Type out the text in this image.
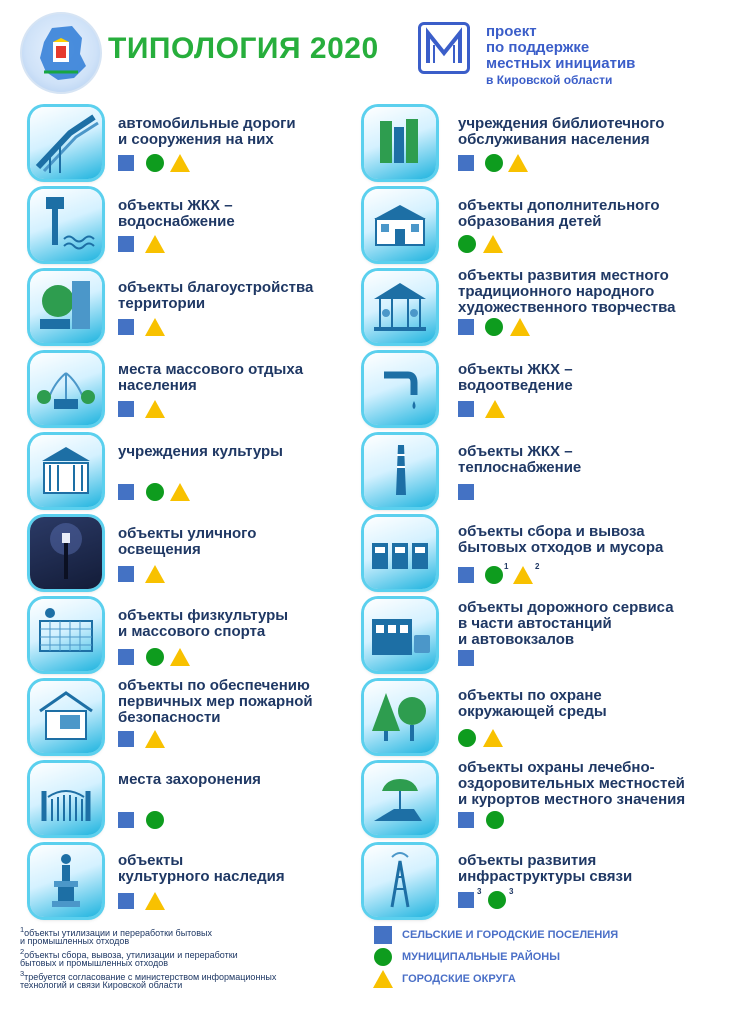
ТИПОЛОГИЯ 2020
проект
по поддержке
местных инициатив
в Кировской области
автомобильные дороги
и сооружения на них
объекты ЖКХ –
водоснабжение
объекты благоустройства
территории
места массового отдыха
населения
учреждения культуры
объекты уличного
освещения
объекты физкультуры
и массового спорта
объекты по обеспечению
первичных мер пожарной
безопасности
места захоронения
объекты
культурного наследия
учреждения библиотечного
обслуживания населения
объекты дополнительного
образования детей
объекты развития местного
традиционного народного
художественного творчества
объекты ЖКХ –
водоотведение
объекты ЖКХ –
теплоснабжение
объекты сбора и вывоза
бытовых отходов и мусора
1	2
объекты дорожного сервиса
в части автостанций
и автовокзалов
объекты по охране
окружающей среды
объекты охраны лечебно-
оздоровительных местностей
и курортов местного значения
объекты развития
инфраструктуры связи
3	3
$^1$объекты утилизации и переработки бытовых
и промышленных отходов
$^2$объекты сбора, вывоза, утилизации и переработки
бытовых и промышленных отходов
$^3$требуется согласование с министерством информационных
технологий и связи Кировской области
СЕЛЬСКИЕ И ГОРОДСКИЕ ПОСЕЛЕНИЯ
МУНИЦИПАЛЬНЫЕ РАЙОНЫ
ГОРОДСКИЕ ОКРУГА
